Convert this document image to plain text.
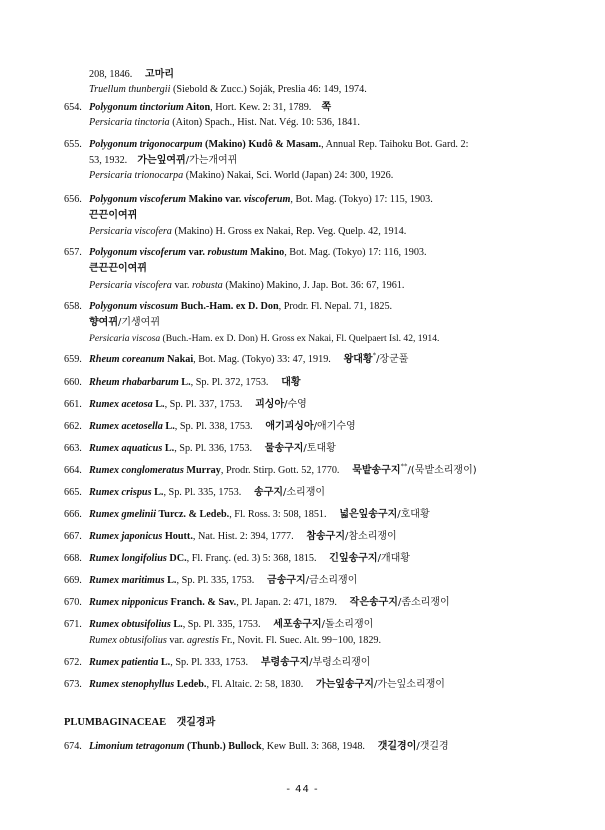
208, 1846. 고마리
Truellum thunbergii (Siebold & Zucc.) Soják, Preslia 46: 149, 1974.
654. Polygonum tinctorium Aiton, Hort. Kew. 2: 31, 1789. 쪽
Persicaria tinctoria (Aiton) Spach., Hist. Nat. Vég. 10: 536, 1841.
655. Polygonum trigonocarpum (Makino) Kudô & Masam., Annual Rep. Taihoku Bot. Gard. 2:
53, 1932. 가는잎여뀌/가는개여뀌
Persicaria trionocarpa (Makino) Nakai, Sci. World (Japan) 24: 300, 1926.
656. Polygonum viscoferum Makino var. viscoferum, Bot. Mag. (Tokyo) 17: 115, 1903.
끈끈이여뀌
Persicaria viscofera (Makino) H. Gross ex Nakai, Rep. Veg. Quelp. 42, 1914.
657. Polygonum viscoferum var. robustum Makino, Bot. Mag. (Tokyo) 17: 116, 1903.
큰끈끈이여뀌
Persicaria viscofera var. robusta (Makino) Makino, J. Jap. Bot. 36: 67, 1961.
658. Polygonum viscosum Buch.-Ham. ex D. Don, Prodr. Fl. Nepal. 71, 1825.
향여뀌/기생여뀌
Persicaria viscosa (Buch.-Ham. ex D. Don) H. Gross ex Nakai, Fl. Quelpaert Isl. 42, 1914.
659. Rheum coreanum Nakai, Bot. Mag. (Tokyo) 33: 47, 1919. 왕대황*/장군풀
660. Rheum rhabarbarum L., Sp. Pl. 372, 1753. 대황
661. Rumex acetosa L., Sp. Pl. 337, 1753. 괴싱아/수영
662. Rumex acetosella L., Sp. Pl. 338, 1753. 애기괴싱아/애기수영
663. Rumex aquaticus L., Sp. Pl. 336, 1753. 물송구지/토대황
664. Rumex conglomeratus Murray, Prodr. Stirp. Gott. 52, 1770. 묵밭송구지**/(묵밭소리쟁이)
665. Rumex crispus L., Sp. Pl. 335, 1753. 송구지/소리쟁이
666. Rumex gmelinii Turcz. & Ledeb., Fl. Ross. 3: 508, 1851. 넓은잎송구지/호대황
667. Rumex japonicus Houtt., Nat. Hist. 2: 394, 1777. 참송구지/참소리쟁이
668. Rumex longifolius DC., Fl. Franç. (ed. 3) 5: 368, 1815. 긴잎송구지/개대황
669. Rumex maritimus L., Sp. Pl. 335, 1753. 금송구지/금소리쟁이
670. Rumex nipponicus Franch. & Sav., Pl. Japan. 2: 471, 1879. 작은송구지/좀소리쟁이
671. Rumex obtusifolius L., Sp. Pl. 335, 1753. 세포송구지/돌소리쟁이
Rumex obtusifolius var. agrestis Fr., Novit. Fl. Suec. Alt. 99−100, 1829.
672. Rumex patientia L., Sp. Pl. 333, 1753. 부령송구지/부령소리쟁이
673. Rumex stenophyllus Ledeb., Fl. Altaic. 2: 58, 1830. 가는잎송구지/가는잎소리쟁이
PLUMBAGINACEAE 갯길경과
674. Limonium tetragonum (Thunb.) Bullock, Kew Bull. 3: 368, 1948. 갯길경이/갯길경
- 44 -
